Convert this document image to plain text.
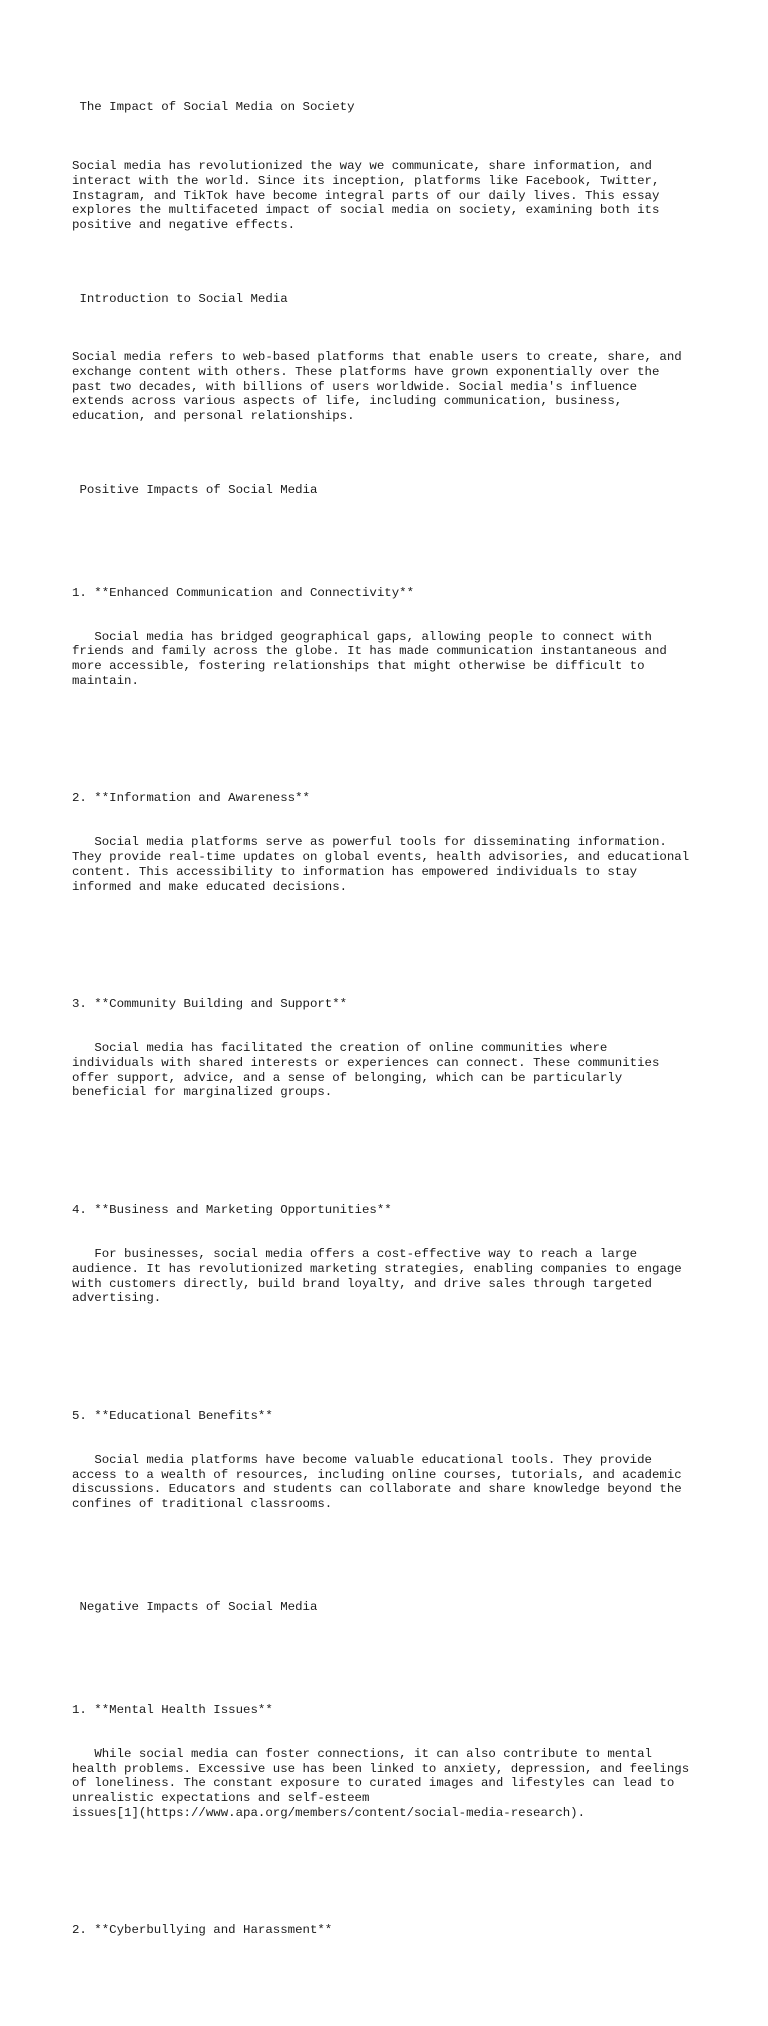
The Impact of Social Media on Society

Social media has revolutionized the way we communicate, share information, and
interact with the world. Since its inception, platforms like Facebook, Twitter,
Instagram, and TikTok have become integral parts of our daily lives. This essay
explores the multifaceted impact of social media on society, examining both its
positive and negative effects.

Introduction to Social Media

Social media refers to web-based platforms that enable users to create, share, and
exchange content with others. These platforms have grown exponentially over the
past two decades, with billions of users worldwide. Social media's influence
extends across various aspects of life, including communication, business,
education, and personal relationships.

Positive Impacts of Social Media

1. **Enhanced Communication and Connectivity**

Social media has bridged geographical gaps, allowing people to connect with
friends and family across the globe. It has made communication instantaneous and
more accessible, fostering relationships that might otherwise be difficult to
maintain.

2. **Information and Awareness**

Social media platforms serve as powerful tools for disseminating information.
They provide real-time updates on global events, health advisories, and educational
content. This accessibility to information has empowered individuals to stay
informed and make educated decisions.

3. **Community Building and Support**

Social media has facilitated the creation of online communities where
individuals with shared interests or experiences can connect. These communities
offer support, advice, and a sense of belonging, which can be particularly
beneficial for marginalized groups.

4. **Business and Marketing Opportunities**

For businesses, social media offers a cost-effective way to reach a large
audience. It has revolutionized marketing strategies, enabling companies to engage
with customers directly, build brand loyalty, and drive sales through targeted
advertising.

5. **Educational Benefits**

Social media platforms have become valuable educational tools. They provide
access to a wealth of resources, including online courses, tutorials, and academic
discussions. Educators and students can collaborate and share knowledge beyond the
confines of traditional classrooms.

Negative Impacts of Social Media

1. **Mental Health Issues**

While social media can foster connections, it can also contribute to mental
health problems. Excessive use has been linked to anxiety, depression, and feelings
of loneliness. The constant exposure to curated images and lifestyles can lead to
unrealistic expectations and self-esteem
issues[1](https://www.apa.org/members/content/social-media-research).

2. **Cyberbullying and Harassment**
